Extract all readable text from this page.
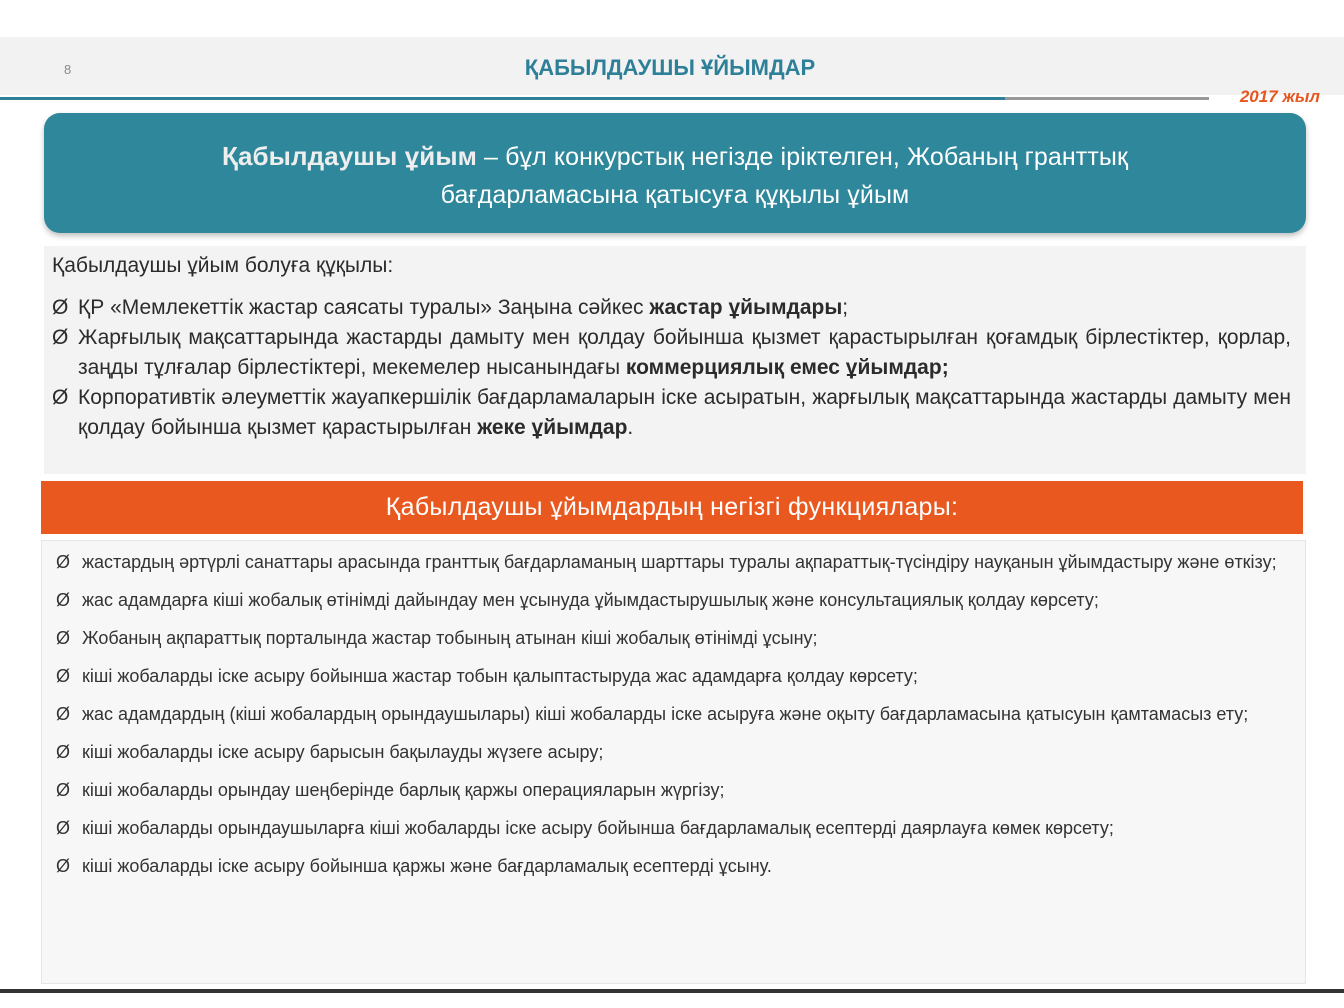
8	ҚАБЫЛДАУШЫ ҰЙЫМДАР
2017 жыл
Қабылдаушы ұйым – бұл конкурстық негізде іріктелген, Жобаның гранттық
бағдарламасына қатысуға құқылы ұйым
Қабылдаушы ұйым болуға құқылы:
Ø ҚР «Мемлекеттік жастар саясаты туралы» Заңына сәйкес жастар ұйымдары;
Ø Жарғылық мақсаттарында жастарды дамыту мен қолдау бойынша қызмет қарастырылған қоғамдық бірлестіктер, қорлар, заңды тұлғалар бірлестіктері, мекемелер нысанындағы коммерциялық емес ұйымдар;
Ø Корпоративтік әлеуметтік жауапкершілік бағдарламаларын іске асыратын, жарғылық мақсаттарында жастарды дамыту мен қолдау бойынша қызмет қарастырылған жеке ұйымдар.
Қабылдаушы ұйымдардың негізгі функциялары:
Ø жастардың әртүрлі санаттары арасында гранттық бағдарламаның шарттары туралы ақпараттық-түсіндіру науқанын ұйымдастыру және өткізу;
Ø жас адамдарға кіші жобалық өтінімді дайындау мен ұсынуда ұйымдастырушылық және консультациялық қолдау көрсету;
Ø Жобаның ақпараттық порталында жастар тобының атынан кіші жобалық өтінімді ұсыну;
Ø кіші жобаларды іске асыру бойынша жастар тобын қалыптастыруда жас адамдарға қолдау көрсету;
Ø жас адамдардың (кіші жобалардың орындаушылары) кіші жобаларды іске асыруға және оқыту бағдарламасына қатысуын қамтамасыз ету;
Ø кіші жобаларды іске асыру барысын бақылауды жүзеге асыру;
Ø кіші жобаларды орындау шеңберінде барлық қаржы операцияларын жүргізу;
Ø кіші жобаларды орындаушыларға кіші жобаларды іске асыру бойынша бағдарламалық есептерді даярлауға көмек көрсету;
Ø кіші жобаларды іске асыру бойынша қаржы және бағдарламалық есептерді ұсыну.
